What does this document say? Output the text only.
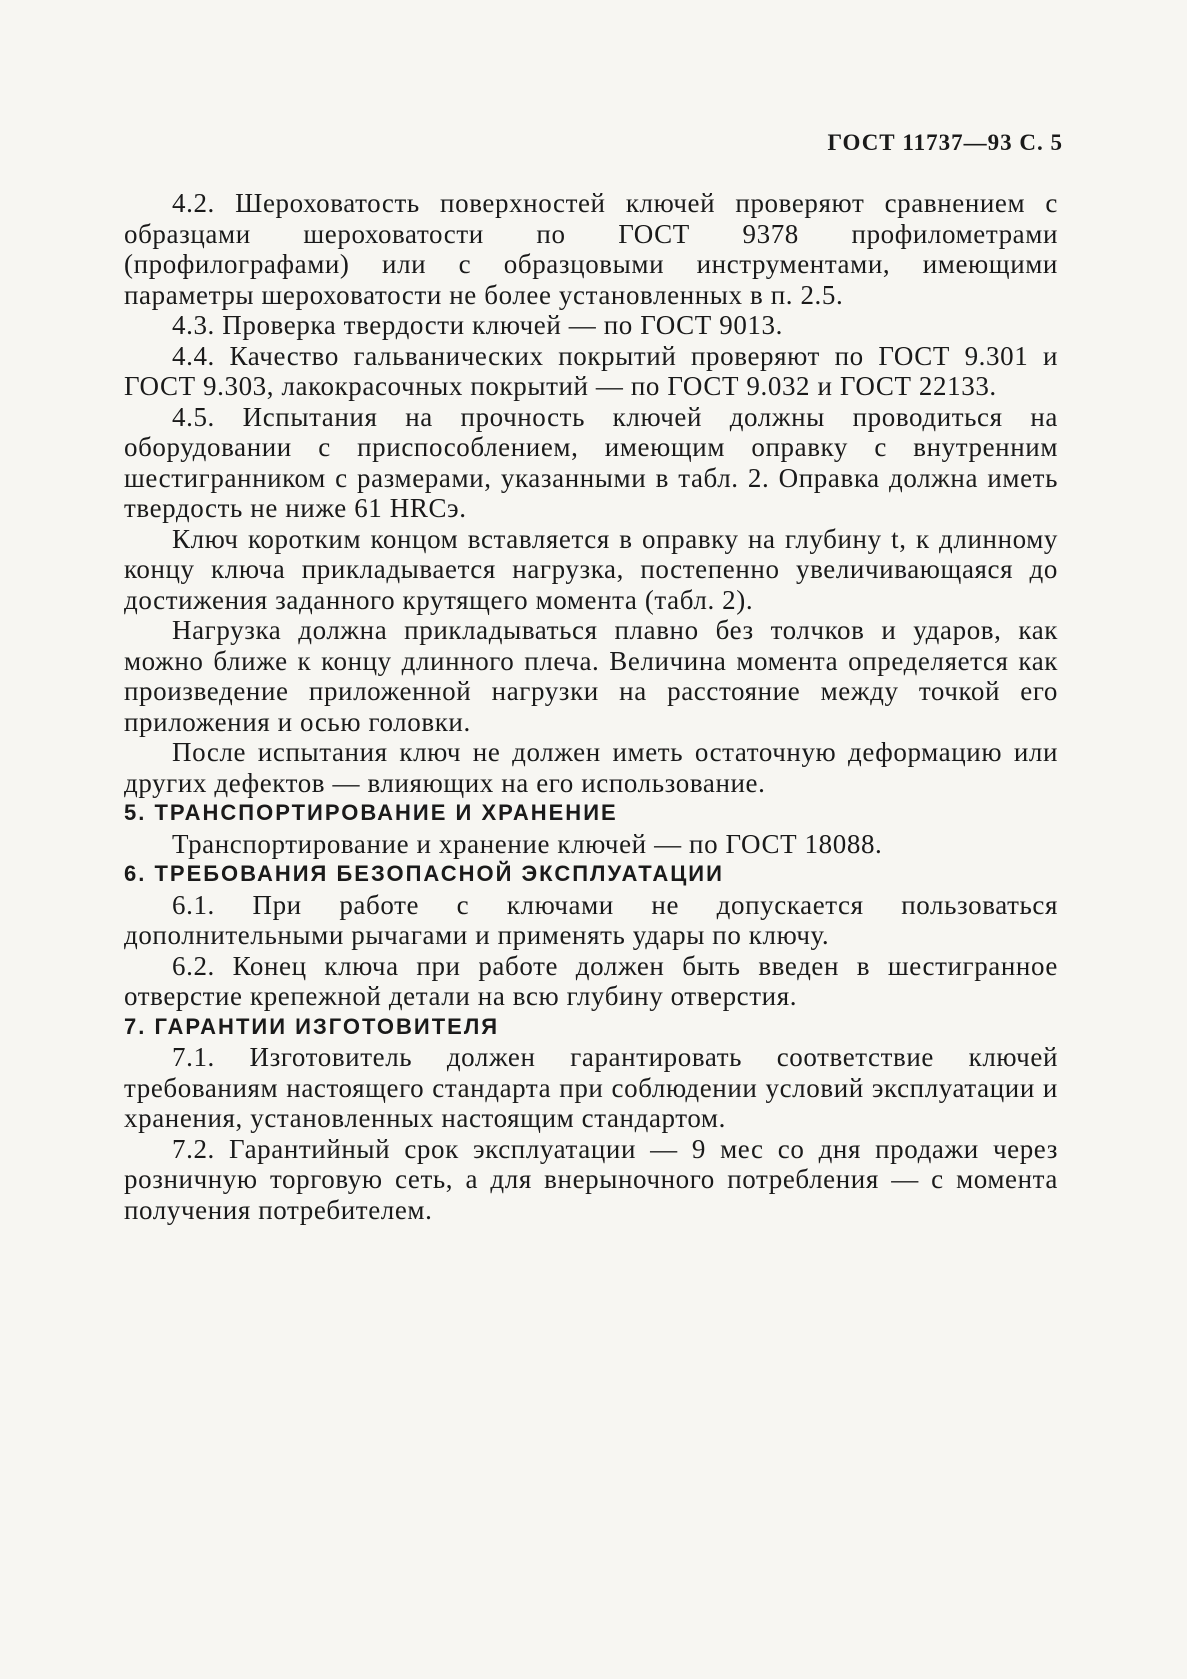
ГОСТ 11737—93 С. 5

4.2. Шероховатость поверхностей ключей проверяют сравнением с образцами шероховатости по ГОСТ 9378 профилометрами (профилографами) или с образцовыми инструментами, имеющими параметры шероховатости не более установленных в п. 2.5.

4.3. Проверка твердости ключей — по ГОСТ 9013.

4.4. Качество гальванических покрытий проверяют по ГОСТ 9.301 и ГОСТ 9.303, лакокрасочных покрытий — по ГОСТ 9.032 и ГОСТ 22133.

4.5. Испытания на прочность ключей должны проводиться на оборудовании с приспособлением, имеющим оправку с внутренним шестигранником с размерами, указанными в табл. 2. Оправка должна иметь твердость не ниже 61 HRCэ.

Ключ коротким концом вставляется в оправку на глубину t, к длинному концу ключа прикладывается нагрузка, постепенно увеличивающаяся до достижения заданного крутящего момента (табл. 2).

Нагрузка должна прикладываться плавно без толчков и ударов, как можно ближе к концу длинного плеча. Величина момента определяется как произведение приложенной нагрузки на расстояние между точкой его приложения и осью головки.

После испытания ключ не должен иметь остаточную деформацию или других дефектов — влияющих на его использование.

5. ТРАНСПОРТИРОВАНИЕ И ХРАНЕНИЕ

Транспортирование и хранение ключей — по ГОСТ 18088.

6. ТРЕБОВАНИЯ БЕЗОПАСНОЙ ЭКСПЛУАТАЦИИ

6.1. При работе с ключами не допускается пользоваться дополнительными рычагами и применять удары по ключу.

6.2. Конец ключа при работе должен быть введен в шестигранное отверстие крепежной детали на всю глубину отверстия.

7. ГАРАНТИИ ИЗГОТОВИТЕЛЯ

7.1. Изготовитель должен гарантировать соответствие ключей требованиям настоящего стандарта при соблюдении условий эксплуатации и хранения, установленных настоящим стандартом.

7.2. Гарантийный срок эксплуатации — 9 мес со дня продажи через розничную торговую сеть, а для внерыночного потребления — с момента получения потребителем.
